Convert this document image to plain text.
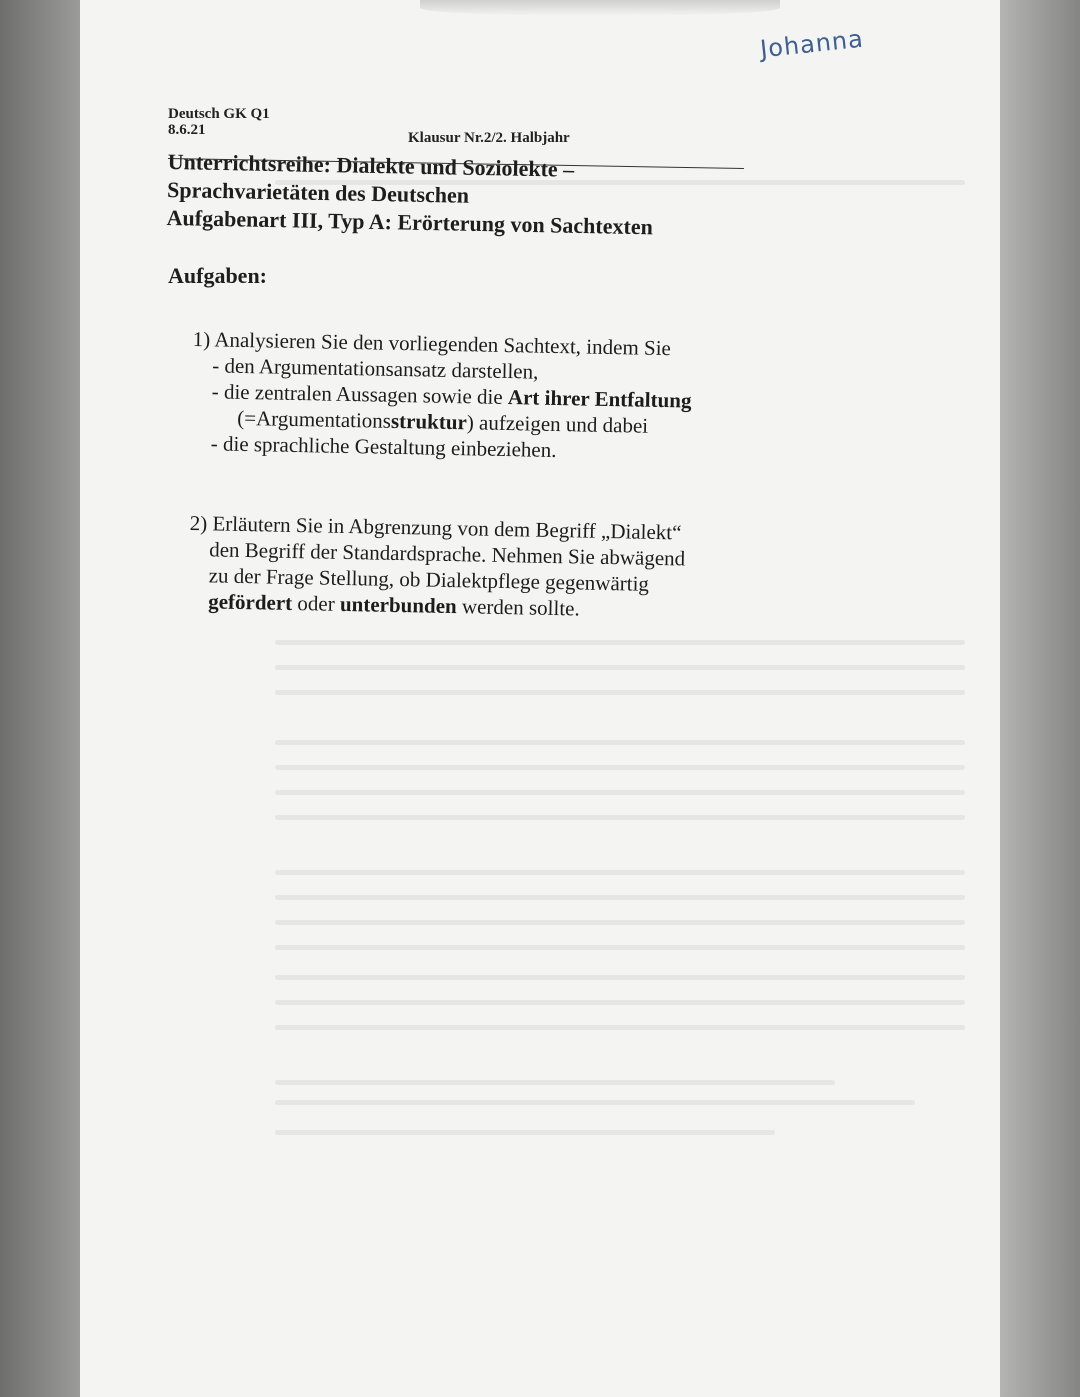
Johanna
Deutsch GK Q1
8.6.21	Klausur Nr.2/2. Halbjahr
Unterrichtsreihe: Dialekte und Soziolekte –
Sprachvarietäten des Deutschen
Aufgabenart III, Typ A: Erörterung von Sachtexten
Aufgaben:
1) Analysieren Sie den vorliegenden Sachtext, indem Sie
- den Argumentationsansatz darstellen,
- die zentralen Aussagen sowie die Art ihrer Entfaltung
(=Argumentationsstruktur) aufzeigen und dabei
- die sprachliche Gestaltung einbeziehen.
2) Erläutern Sie in Abgrenzung von dem Begriff „Dialekt“
den Begriff der Standardsprache. Nehmen Sie abwägend
zu der Frage Stellung, ob Dialektpflege gegenwärtig
gefördert oder unterbunden werden sollte.
